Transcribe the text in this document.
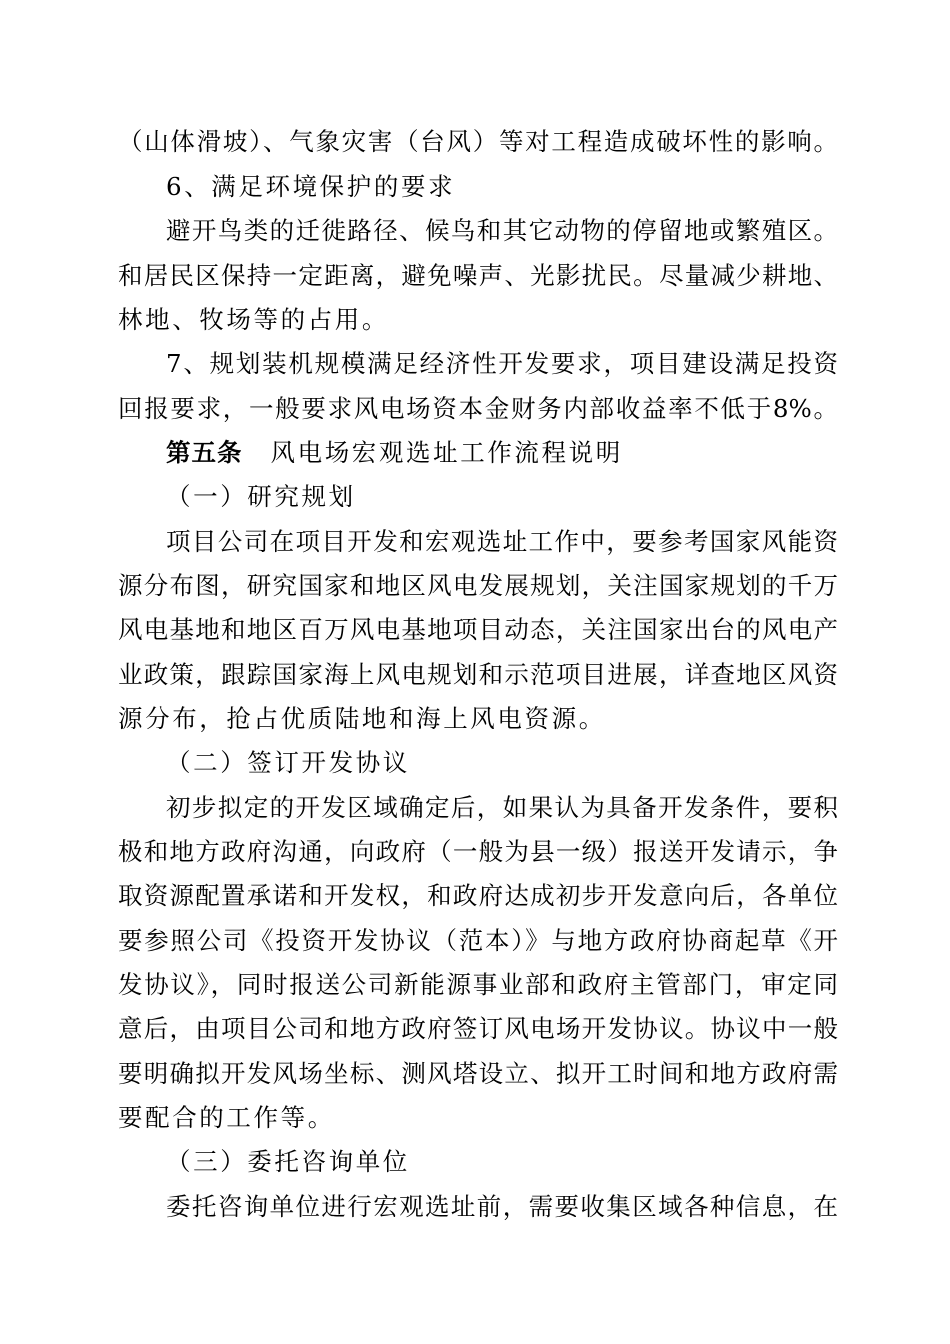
（山体滑坡）、气象灾害（台风）等对工程造成破坏性的影响。
6、满足环境保护的要求
避开鸟类的迁徙路径、候鸟和其它动物的停留地或繁殖区。
和居民区保持一定距离，避免噪声、光影扰民。尽量减少耕地、
林地、牧场等的占用。
7、规划装机规模满足经济性开发要求，项目建设满足投资
回报要求，一般要求风电场资本金财务内部收益率不低于8%。
第五条 风电场宏观选址工作流程说明
（一）研究规划
项目公司在项目开发和宏观选址工作中，要参考国家风能资
源分布图，研究国家和地区风电发展规划，关注国家规划的千万
风电基地和地区百万风电基地项目动态，关注国家出台的风电产
业政策，跟踪国家海上风电规划和示范项目进展，详查地区风资
源分布，抢占优质陆地和海上风电资源。
（二）签订开发协议
初步拟定的开发区域确定后，如果认为具备开发条件，要积
极和地方政府沟通，向政府（一般为县一级）报送开发请示，争
取资源配置承诺和开发权，和政府达成初步开发意向后，各单位
要参照公司《投资开发协议（范本）》与地方政府协商起草《开
发协议》，同时报送公司新能源事业部和政府主管部门，审定同
意后，由项目公司和地方政府签订风电场开发协议。协议中一般
要明确拟开发风场坐标、测风塔设立、拟开工时间和地方政府需
要配合的工作等。
（三）委托咨询单位
委托咨询单位进行宏观选址前，需要收集区域各种信息，在
